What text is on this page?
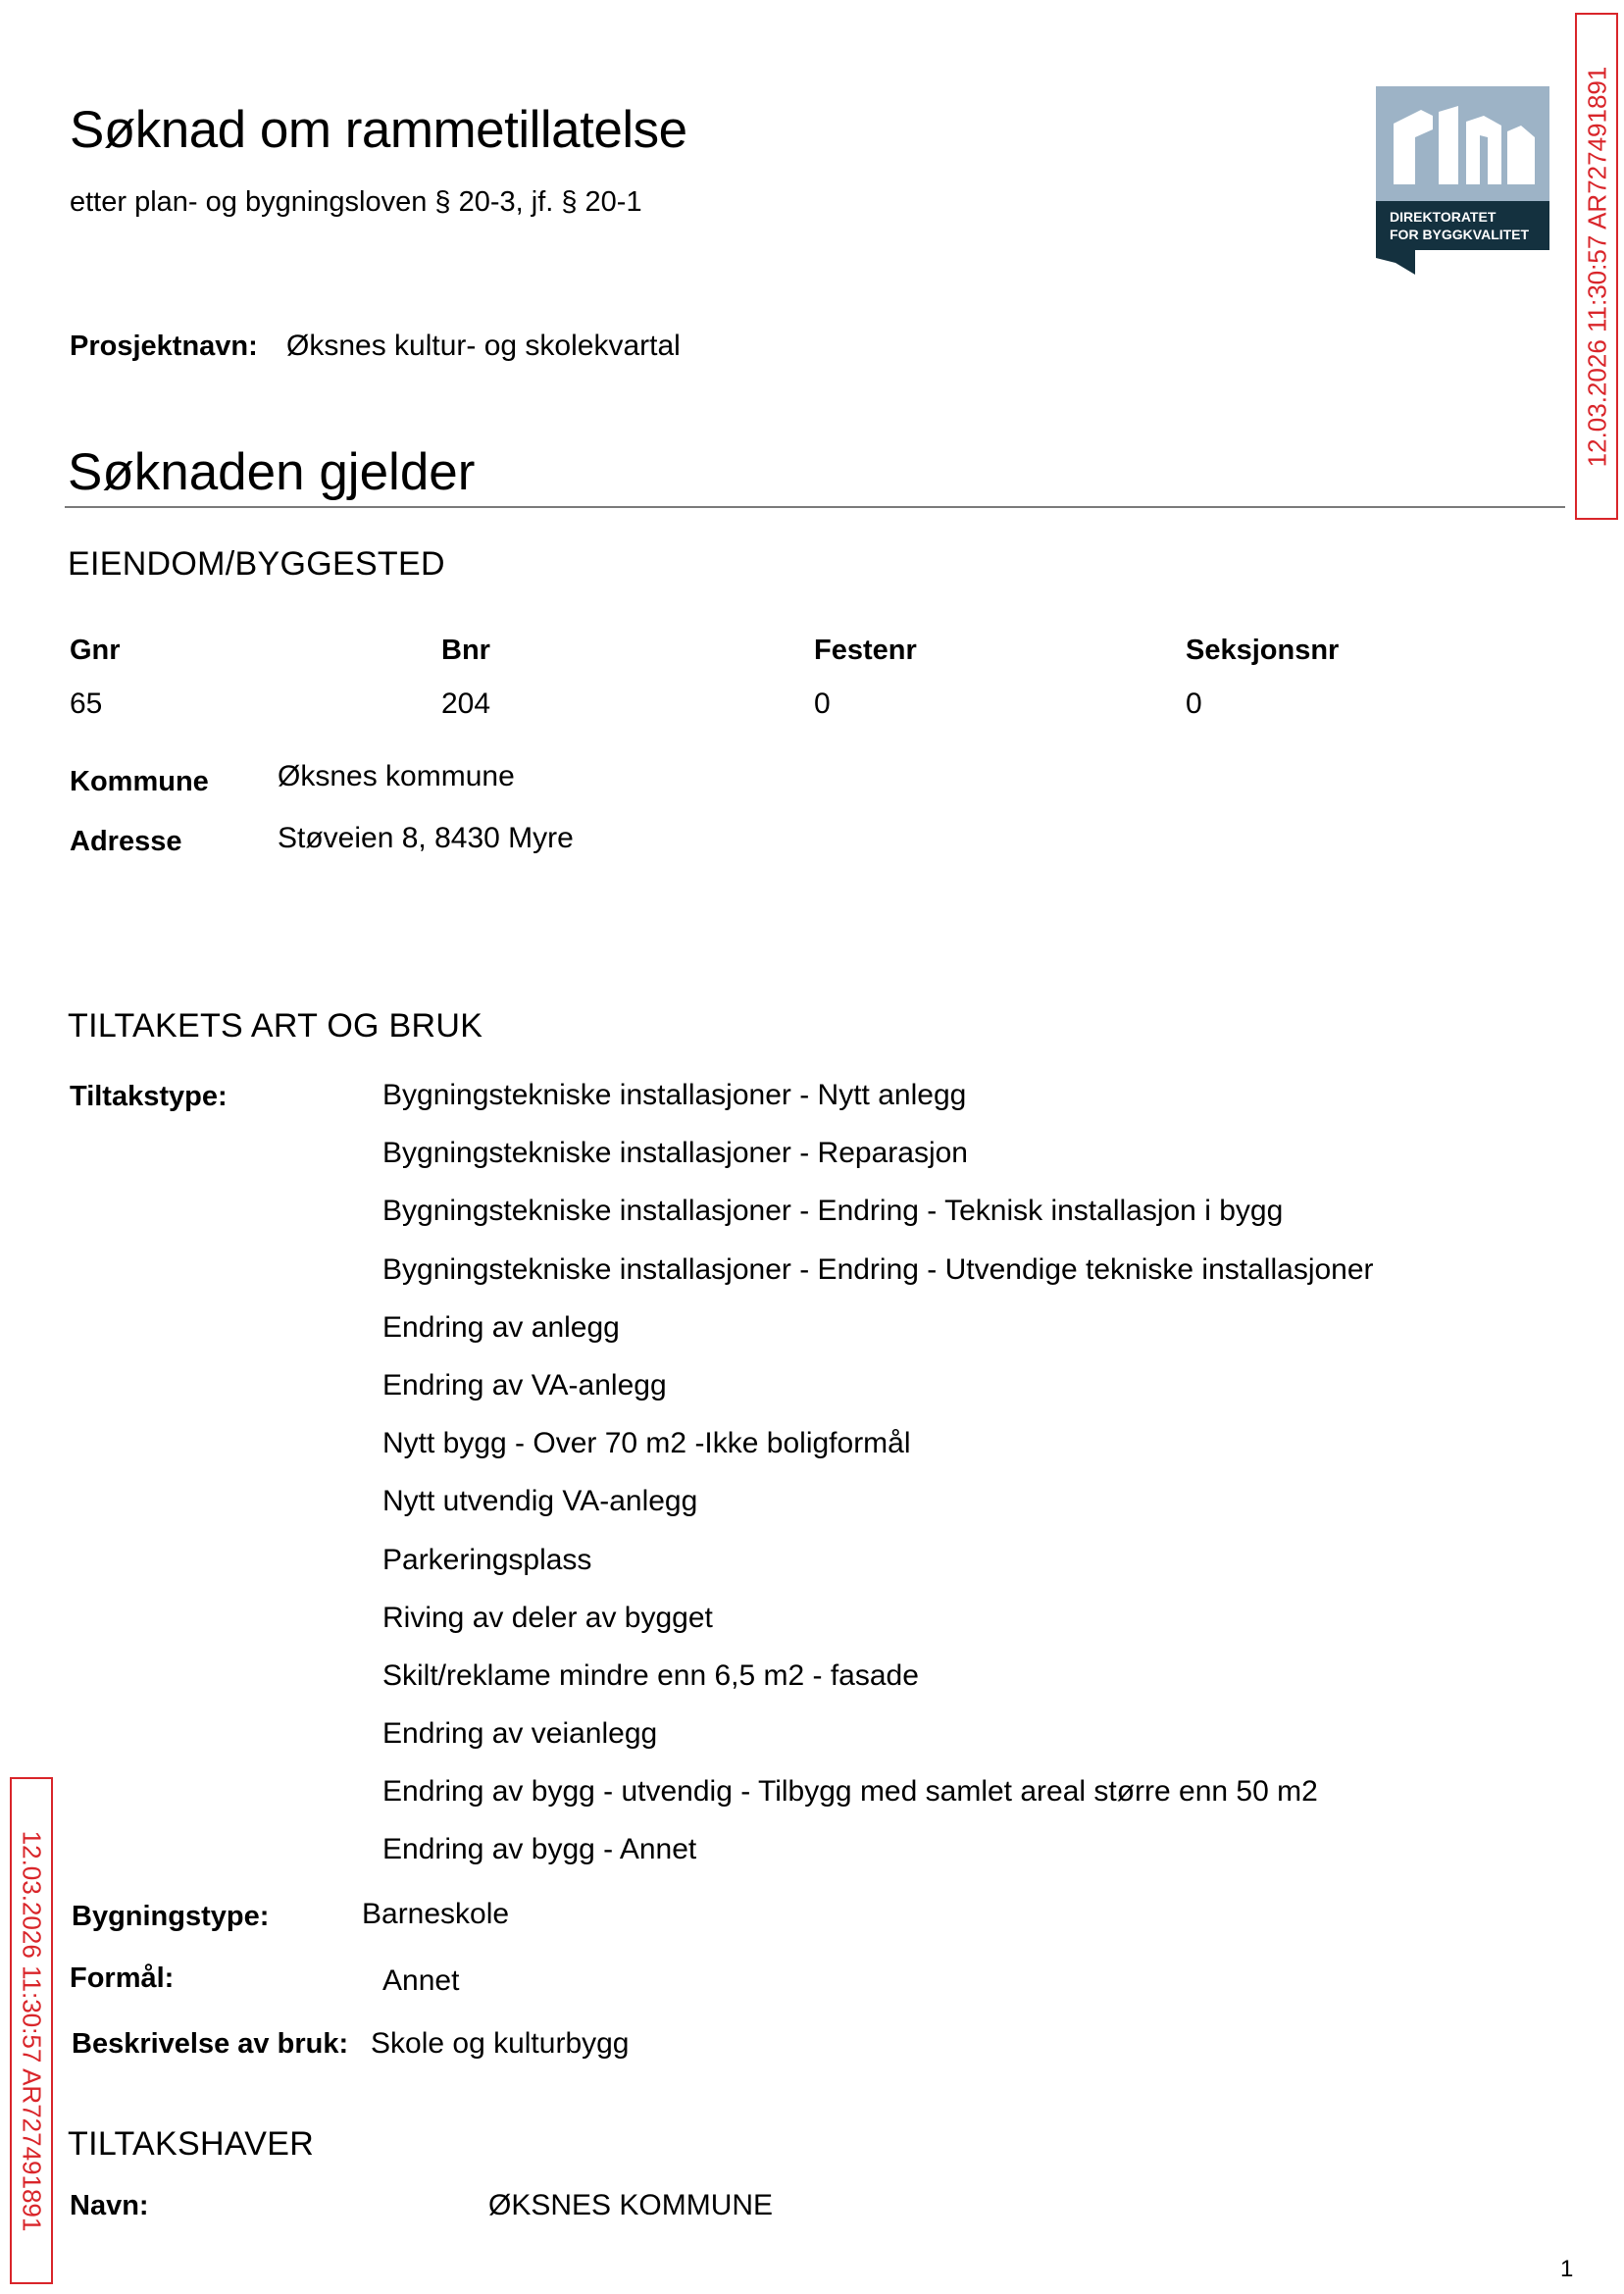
Søknad om rammetillatelse
etter plan- og bygningsloven § 20-3, jf. § 20-1	DIREKTORATET
FOR BYGGKVALITET
Prosjektnavn: Øksnes kultur- og skolekvartal
Søknaden gjelder
EIENDOM/BYGGESTED
Gnr	Bnr	Festenr	Seksjonsnr
65	204	0	0
Kommune Øksnes kommune
Adresse	Støveien 8, 8430 Myre
TILTAKETS ART OG BRUK
Tiltakstype:	Bygningstekniske installasjoner - Nytt anlegg
Bygningstekniske installasjoner - Reparasjon
Bygningstekniske installasjoner - Endring - Teknisk installasjon i bygg
Bygningstekniske installasjoner - Endring - Utvendige tekniske installasjoner
Endring av anlegg
Endring av VA-anlegg
Nytt bygg - Over 70 m2 -Ikke boligformål
Nytt utvendig VA-anlegg
Parkeringsplass
Riving av deler av bygget
Skilt/reklame mindre enn 6,5 m2 - fasade
Endring av veianlegg
Endring av bygg - utvendig - Tilbygg med samlet areal større enn 50 m2
Endring av bygg - Annet
Bygningstype:	Barneskole
Formål:	Annet
Beskrivelse av bruk: Skole og kulturbygg
TILTAKSHAVER
Navn:	ØKSNES KOMMUNE
12.03.2026 11:30:57 AR727491891
12.03.2026 11:30:57 AR727491891
1
